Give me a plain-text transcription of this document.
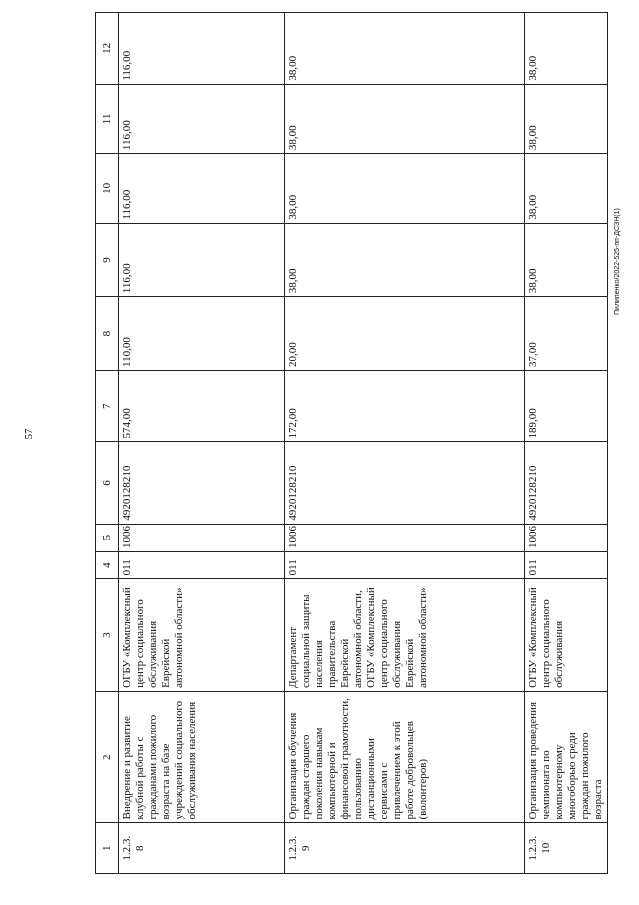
57
Пилипенко/2022-525-пп-ДСЗН(1)
1	2	3	4	5	6	7	8	9	10	11	12
1.2.3.
8	Внедрение и развитие клубной работы с гражданами пожилого возраста на базе учреждений социального обслуживания населения	ОГБУ «Комплексный центр социального обслуживания Еврейской автономной области»	011	1006	4920128210	574,00	110,00	116,00	116,00	116,00	116,00
1.2.3.
9	Организация обучения граждан старшего поколения навыкам компьютерной и финансовой грамотности, пользованию дистанционными сервисами с привлечением к этой работе добровольцев (волонтеров)	Департамент социальной защиты населения правительства Еврейской автономной области, ОГБУ «Комплексный центр социального обслуживания Еврейской автономной области»	011	1006	4920128210	172,00	20,00	38,00	38,00	38,00	38,00
1.2.3.
10	Организация проведения чемпионата по компьютерному многоборью среди граждан пожилого возраста	ОГБУ «Комплексный центр социального обслуживания	011	1006	4920128210	189,00	37,00	38,00	38,00	38,00	38,00
